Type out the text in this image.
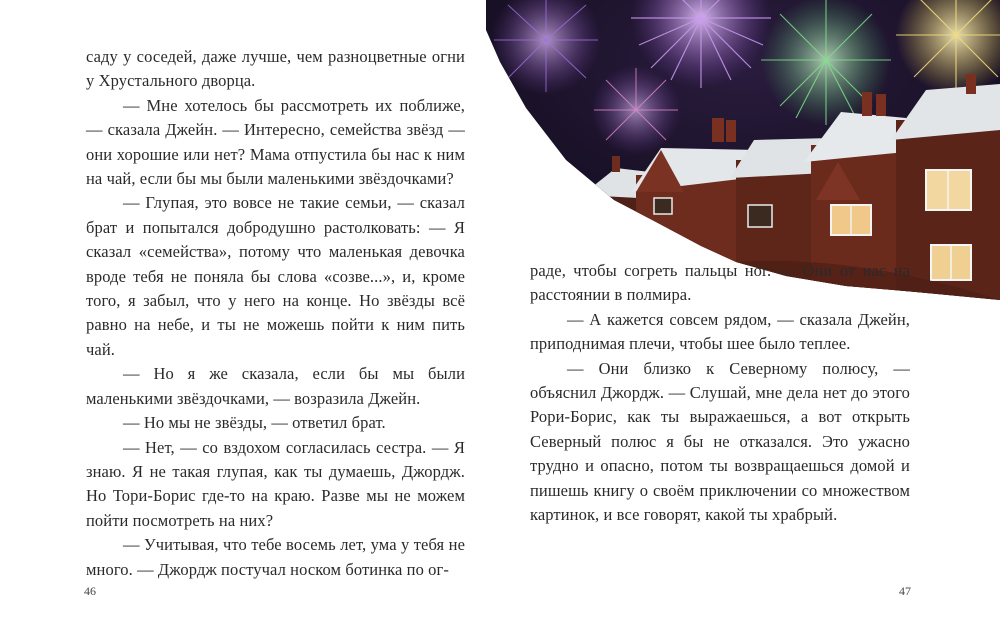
саду у соседей, даже лучше, чем разноцветные огни у Хрустального дворца.

— Мне хотелось бы рассмотреть их поближе, — сказала Джейн. — Интересно, семейства звёзд — они хорошие или нет? Мама отпустила бы нас к ним на чай, если бы мы были маленькими звёздочками?

— Глупая, это вовсе не такие семьи, — сказал брат и попытался добродушно растолковать: — Я сказал «семейства», потому что маленькая девочка вроде тебя не поняла бы слова «созве...», и, кроме того, я забыл, что у него на конце. Но звёзды всё равно на небе, и ты не можешь пойти к ним пить чай.

— Но я же сказала, если бы мы были маленькими звёздочками, — возразила Джейн.

— Но мы не звёзды, — ответил брат.

— Нет, — со вздохом согласилась сестра. — Я знаю. Я не такая глупая, как ты думаешь, Джордж. Но Тори-Борис где-то на краю. Разве мы не можем пойти посмотреть на них?

— Учитывая, что тебе восемь лет, ума у тебя не много. — Джордж постучал носком ботинка по ог-

46

раде, чтобы согреть пальцы ног. — Они от нас на расстоянии в полмира.

— А кажется совсем рядом, — сказала Джейн, приподнимая плечи, чтобы шее было теплее.

— Они близко к Северному полюсу, — объяснил Джордж. — Слушай, мне дела нет до этого Рори-Борис, как ты выражаешься, а вот открыть Северный полюс я бы не отказался. Это ужасно трудно и опасно, потом ты возвращаешься домой и пишешь книгу о своём приключении со множеством картинок, и все говорят, какой ты храбрый.

47
